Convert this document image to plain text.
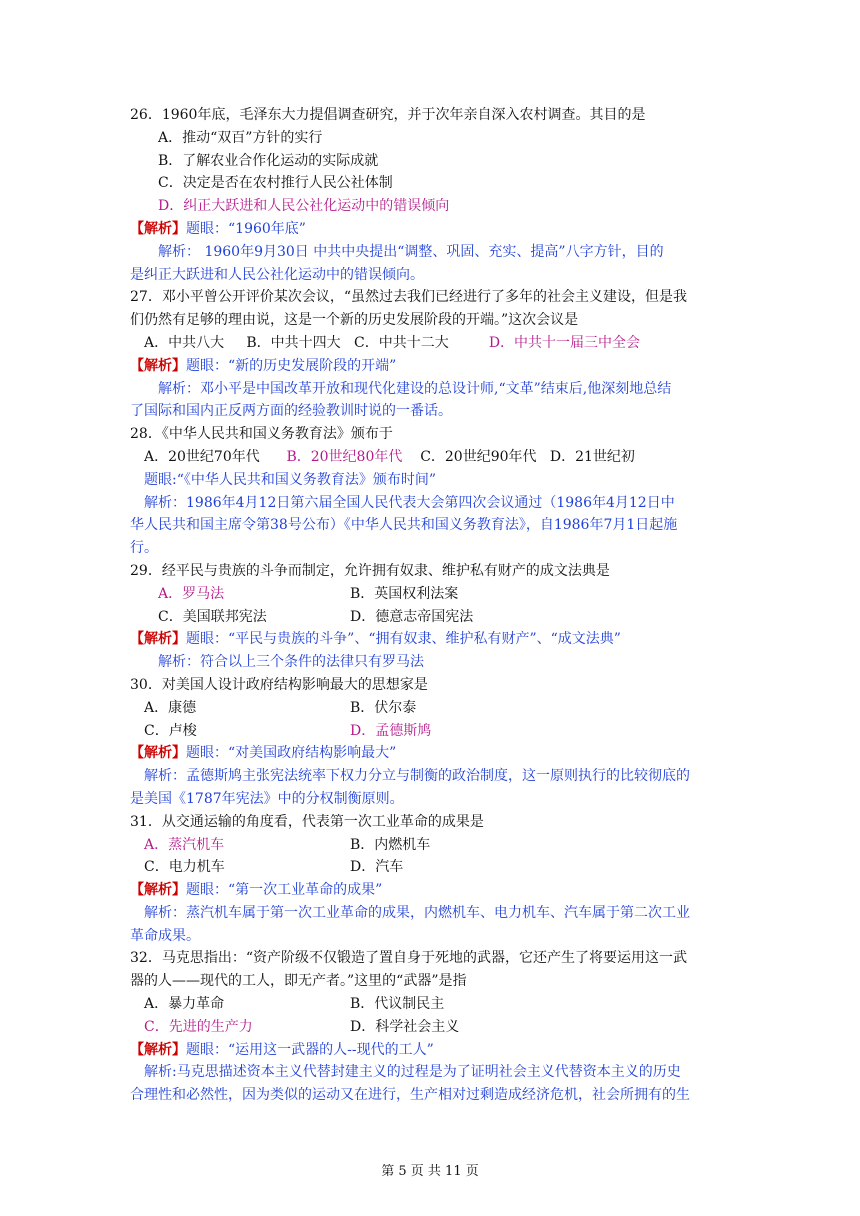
26．1960年底，毛泽东大力提倡调查研究，并于次年亲自深入农村调查。其目的是
A．推动“双百”方针的实行
B．了解农业合作化运动的实际成就
C．决定是否在农村推行人民公社体制
D．纠正大跃进和人民公社化运动中的错误倾向
【解析】题眼：“1960年底”
解析： 1960年9月30日 中共中央提出“调整、巩固、充实、提高”八字方针，目的
是纠正大跃进和人民公社化运动中的错误倾向。
27．邓小平曾公开评价某次会议，“虽然过去我们已经进行了多年的社会主义建设，但是我
们仍然有足够的理由说，这是一个新的历史发展阶段的开端。”这次会议是
A．中共八大 B．中共十四大 C．中共十二大	D．中共十一届三中全会
【解析】题眼：“新的历史发展阶段的开端”
解析：邓小平是中国改革开放和现代化建设的总设计师,“文革”结束后,他深刻地总结
了国际和国内正反两方面的经验教训时说的一番话。
28．《中华人民共和国义务教育法》颁布于
A．20世纪70年代 B．20世纪80年代 C．20世纪90年代 D．21世纪初
题眼:“《中华人民共和国义务教育法》颁布时间”
解析：1986年4月12日第六届全国人民代表大会第四次会议通过（1986年4月12日中
华人民共和国主席令第38号公布）《中华人民共和国义务教育法》，自1986年7月1日起施
行。
29．经平民与贵族的斗争而制定，允许拥有奴隶、维护私有财产的成文法典是
A．罗马法	B．英国权利法案
C．美国联邦宪法	D．德意志帝国宪法
【解析】题眼：“平民与贵族的斗争”、“拥有奴隶、维护私有财产”、“成文法典”
解析：符合以上三个条件的法律只有罗马法
30．对美国人设计政府结构影响最大的思想家是
A．康德	B．伏尔泰
C．卢梭	D．孟德斯鸠
【解析】题眼：“对美国政府结构影响最大”
解析：孟德斯鸠主张宪法统率下权力分立与制衡的政治制度，这一原则执行的比较彻底的
是美国《1787年宪法》中的分权制衡原则。
31．从交通运输的角度看，代表第一次工业革命的成果是
A．蒸汽机车	B．内燃机车
C．电力机车	D．汽车
【解析】题眼：“第一次工业革命的成果”
解析：蒸汽机车属于第一次工业革命的成果，内燃机车、电力机车、汽车属于第二次工业
革命成果。
32．马克思指出：“资产阶级不仅锻造了置自身于死地的武器，它还产生了将要运用这一武
器的人——现代的工人，即无产者。”这里的“武器”是指
A．暴力革命	B．代议制民主
C．先进的生产力	D．科学社会主义
【解析】题眼：“运用这一武器的人--现代的工人”
解析:马克思描述资本主义代替封建主义的过程是为了证明社会主义代替资本主义的历史
合理性和必然性，因为类似的运动又在进行，生产相对过剩造成经济危机，社会所拥有的生
第 5 页 共 11 页
